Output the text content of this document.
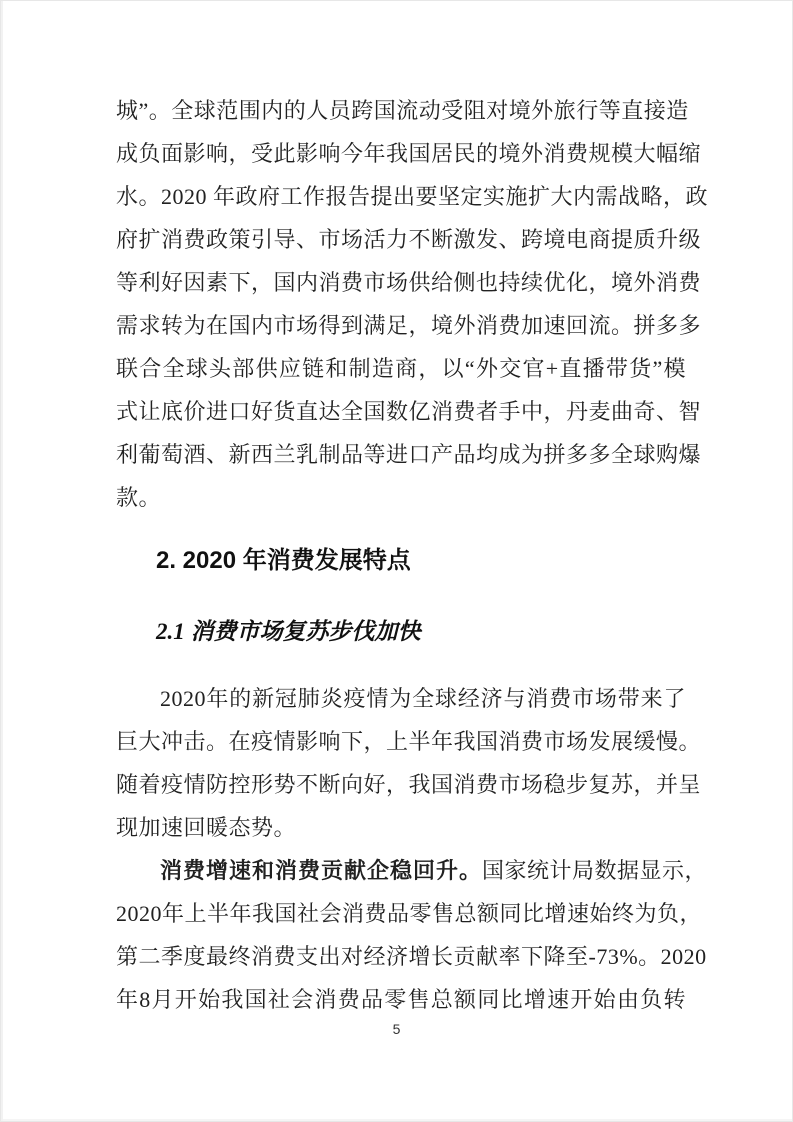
城”。全球范围内的人员跨国流动受阻对境外旅行等直接造
成负面影响，受此影响今年我国居民的境外消费规模大幅缩
水。2020 年政府工作报告提出要坚定实施扩大内需战略，政
府扩消费政策引导、市场活力不断激发、跨境电商提质升级
等利好因素下，国内消费市场供给侧也持续优化，境外消费
需求转为在国内市场得到满足，境外消费加速回流。拼多多
联合全球头部供应链和制造商，以“外交官+直播带货”模
式让底价进口好货直达全国数亿消费者手中，丹麦曲奇、智
利葡萄酒、新西兰乳制品等进口产品均成为拼多多全球购爆
款。
2. 2020 年消费发展特点
2.1 消费市场复苏步伐加快
2020年的新冠肺炎疫情为全球经济与消费市场带来了
巨大冲击。在疫情影响下，上半年我国消费市场发展缓慢。
随着疫情防控形势不断向好，我国消费市场稳步复苏，并呈
现加速回暖态势。
消费增速和消费贡献企稳回升。国家统计局数据显示，
2020年上半年我国社会消费品零售总额同比增速始终为负，
第二季度最终消费支出对经济增长贡献率下降至-73%。2020
年8月开始我国社会消费品零售总额同比增速开始由负转
5
